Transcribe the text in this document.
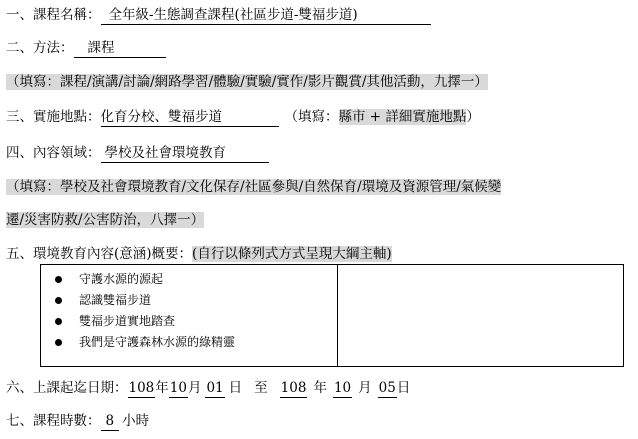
一、課程名稱： 全年級-生態調查課程(社區步道-雙福步道)
二、方法： 課程
（填寫：課程/演講/討論/網路學習/體驗/實驗/實作/影片觀賞/其他活動，九擇一）
三、實施地點：化育分校、雙福步道	（填寫：縣市 + 詳細實施地點）
四、內容領域： 學校及社會環境教育
（填寫：學校及社會環境教育/文化保存/社區參與/自然保育/環境及資源管理/氣候變
遷/災害防救/公害防治，八擇一）
五、環境教育內容(意涵)概要：(自行以條列式方式呈現大綱主軸)
守護水源的源起
認識雙福步道
雙福步道實地踏查
我們是守護森林水源的綠精靈

六、上課起迄日期：108年10月 01 日 至 108 年 10 月 05日
七、課程時數： 8 小時
